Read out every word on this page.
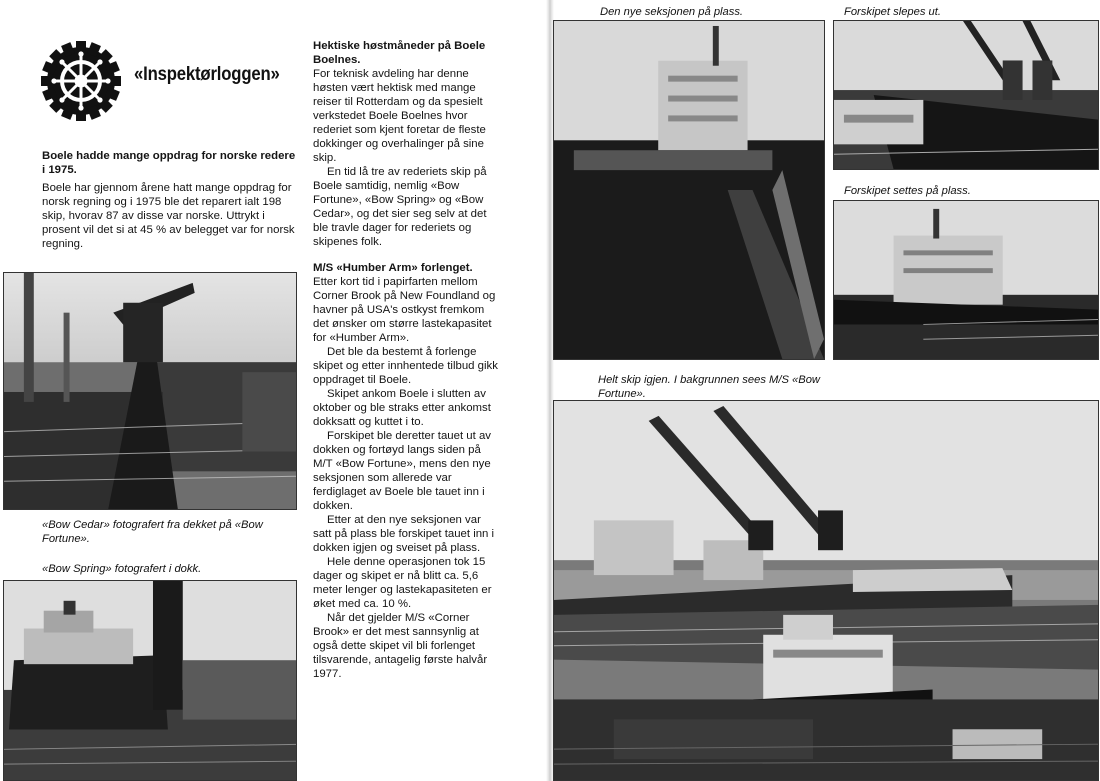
«Inspektørloggen»
Boele hadde mange oppdrag for norske redere i 1975.
Boele har gjennom årene hatt mange oppdrag for norsk regning og i 1975 ble det reparert ialt 198 skip, hvorav 87 av disse var norske. Uttrykt i prosent vil det si at 45 % av belegget var for norsk regning.
Hektiske høstmåneder på Boele Boelnes.
For teknisk avdeling har denne høsten vært hektisk med mange reiser til Rotterdam og da spesielt verkstedet Boele Boelnes hvor rederiet som kjent foretar de fleste dokkinger og overhalinger på sine skip.
En tid lå tre av rederiets skip på Boele samtidig, nemlig «Bow Fortune», «Bow Spring» og «Bow Cedar», og det sier seg selv at det ble travle dager for rederiets og skipenes folk.
M/S «Humber Arm» forlenget.
Etter kort tid i papirfarten mellom Corner Brook på New Foundland og havner på USA's ostkyst fremkom det ønsker om større lastekapasitet for «Humber Arm».
Det ble da bestemt å forlenge skipet og etter innhentede tilbud gikk oppdraget til Boele.
Skipet ankom Boele i slutten av oktober og ble straks etter ankomst dokksatt og kuttet i to.
Forskipet ble deretter tauet ut av dokken og fortøyd langs siden på M/T «Bow Fortune», mens den nye seksjonen som allerede var ferdiglaget av Boele ble tauet inn i dokken.
Etter at den nye seksjonen var satt på plass ble forskipet tauet inn i dokken igjen og sveiset på plass.
Hele denne operasjonen tok 15 dager og skipet er nå blitt ca. 5,6 meter lenger og lastekapasiteten er øket med ca. 10 %.
Når det gjelder M/S «Corner Brook» er det mest sannsynlig at også dette skipet vil bli forlenget tilsvarende, antagelig første halvår 1977.
«Bow Cedar» fotografert fra dekket på «Bow Fortune».
«Bow Spring» fotografert i dokk.
Den nye seksjonen på plass.	Forskipet slepes ut.
Forskipet settes på plass.
Helt skip igjen. I bakgrunnen sees M/S «Bow Fortune».
